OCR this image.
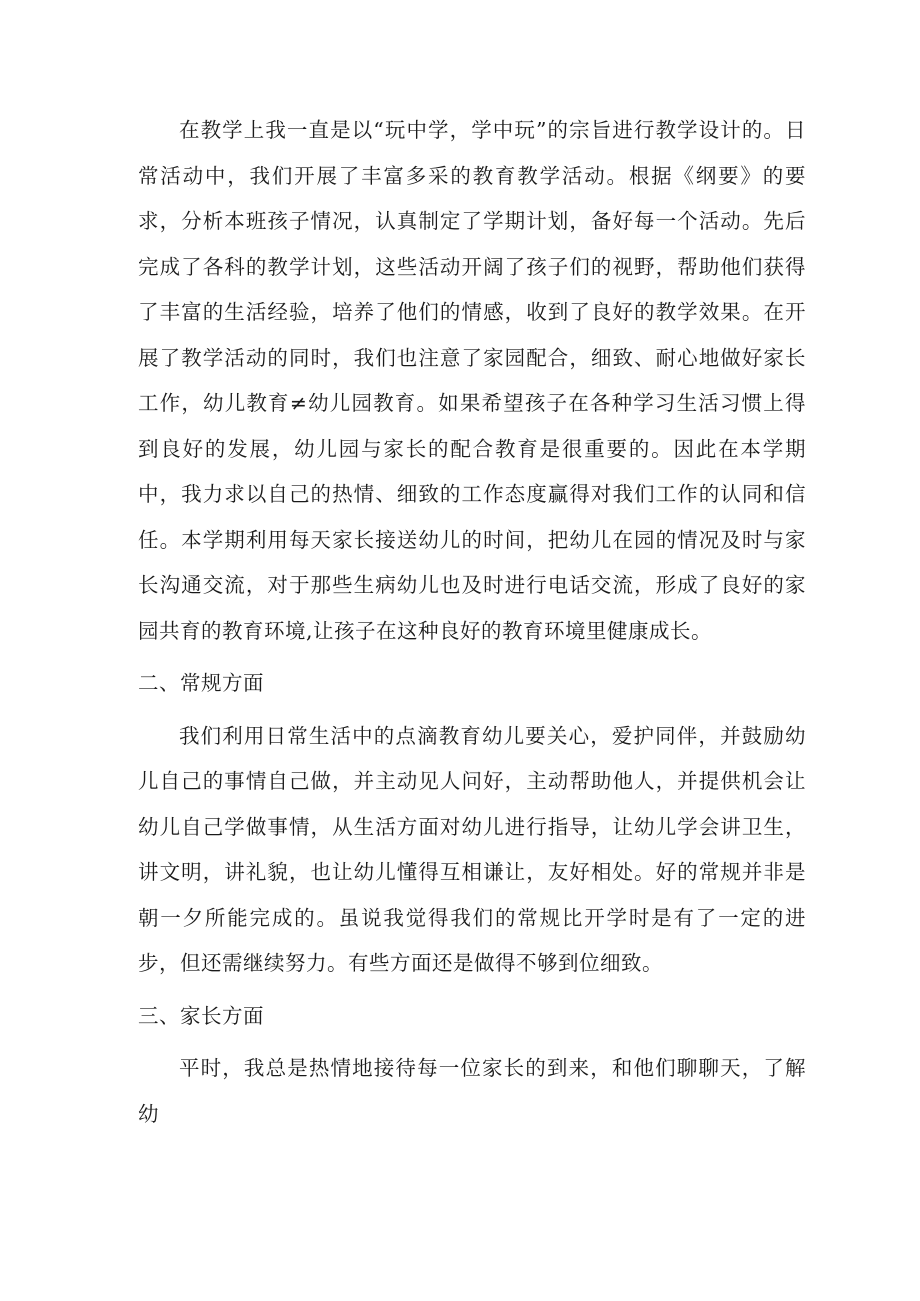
在教学上我一直是以“玩中学，学中玩”的宗旨进行教学设计的。日常活动中，我们开展了丰富多采的教育教学活动。根据《纲要》的要求，分析本班孩子情况，认真制定了学期计划，备好每一个活动。先后完成了各科的教学计划，这些活动开阔了孩子们的视野，帮助他们获得了丰富的生活经验，培养了他们的情感，收到了良好的教学效果。在开展了教学活动的同时，我们也注意了家园配合，细致、耐心地做好家长工作，幼儿教育≠幼儿园教育。如果希望孩子在各种学习生活习惯上得到良好的发展，幼儿园与家长的配合教育是很重要的。因此在本学期中，我力求以自己的热情、细致的工作态度赢得对我们工作的认同和信任。本学期利用每天家长接送幼儿的时间，把幼儿在园的情况及时与家长沟通交流，对于那些生病幼儿也及时进行电话交流，形成了良好的家园共育的教育环境,让孩子在这种良好的教育环境里健康成长。

二、常规方面

我们利用日常生活中的点滴教育幼儿要关心，爱护同伴，并鼓励幼儿自己的事情自己做，并主动见人问好，主动帮助他人，并提供机会让幼儿自己学做事情，从生活方面对幼儿进行指导，让幼儿学会讲卫生，讲文明，讲礼貌，也让幼儿懂得互相谦让，友好相处。好的常规并非是朝一夕所能完成的。虽说我觉得我们的常规比开学时是有了一定的进步，但还需继续努力。有些方面还是做得不够到位细致。

三、家长方面

平时，我总是热情地接待每一位家长的到来，和他们聊聊天，了解幼
